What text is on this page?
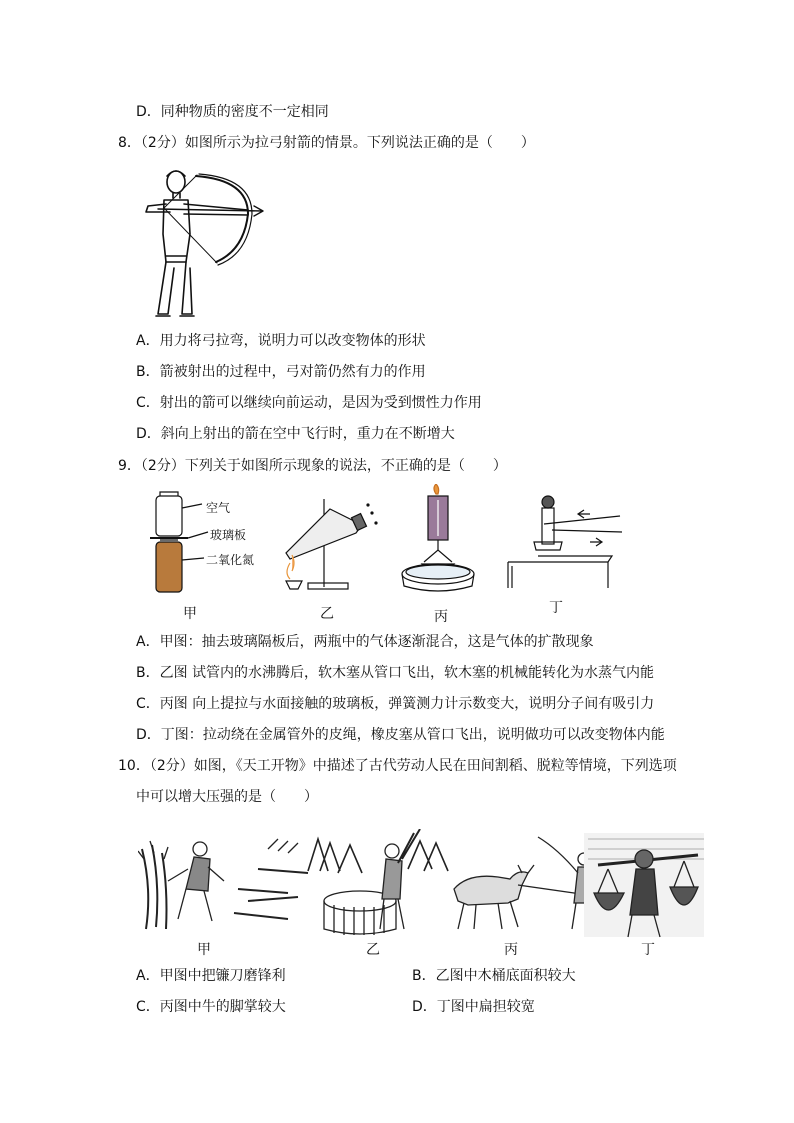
D．同种物质的密度不一定相同
8．（2分）如图所示为拉弓射箭的情景。下列说法正确的是（　　）
A．用力将弓拉弯，说明力可以改变物体的形状
B．箭被射出的过程中，弓对箭仍然有力的作用
C．射出的箭可以继续向前运动，是因为受到惯性力作用
D．斜向上射出的箭在空中飞行时，重力在不断增大
9．（2分）下列关于如图所示现象的说法，不正确的是（　　）
空气
玻璃板
二氧化氮
甲	乙	丙
丁
A．甲图：抽去玻璃隔板后，两瓶中的气体逐渐混合，这是气体的扩散现象
B．乙图 试管内的水沸腾后，软木塞从管口飞出，软木塞的机械能转化为水蒸气内能
C．丙图 向上提拉与水面接触的玻璃板，弹簧测力计示数变大，说明分子间有吸引力
D．丁图：拉动绕在金属管外的皮绳，橡皮塞从管口飞出，说明做功可以改变物体内能
10．（2分）如图，《天工开物》中描述了古代劳动人民在田间割稻、脱粒等情境，下列选项
中可以增大压强的是（　　）
甲	乙	丙	丁
A．甲图中把镰刀磨锋利	B．乙图中木桶底面积较大
C．丙图中牛的脚掌较大	D．丁图中扁担较宽
